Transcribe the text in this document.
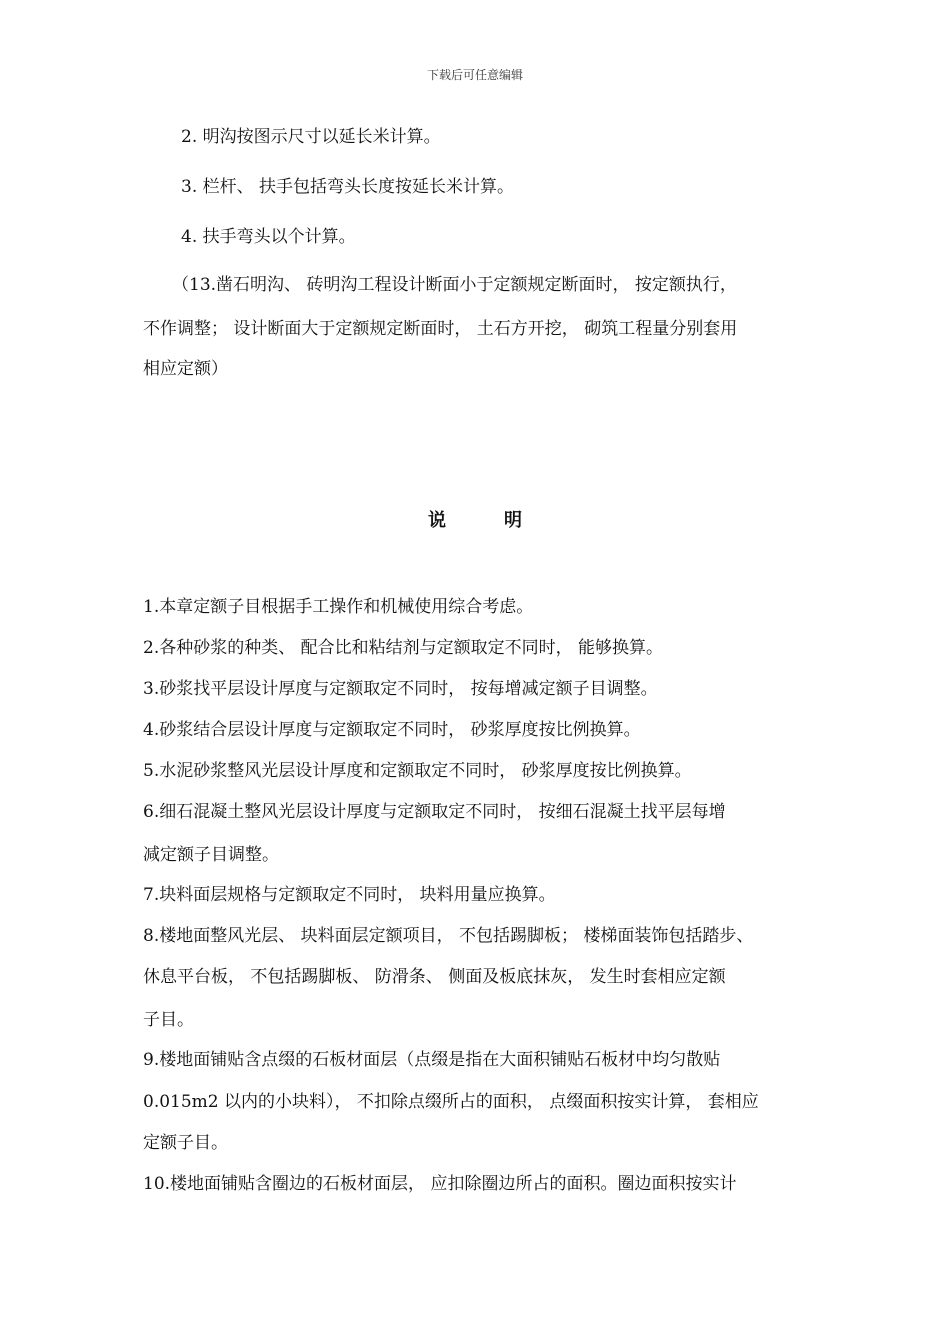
下载后可任意编辑
2. 明沟按图示尺寸以延长米计算。
3. 栏杆、 扶手包括弯头长度按延长米计算。
4. 扶手弯头以个计算。
（13.凿石明沟、 砖明沟工程设计断面小于定额规定断面时， 按定额执行，
不作调整； 设计断面大于定额规定断面时， 土石方开挖， 砌筑工程量分别套用
相应定额）
说	明
1.本章定额子目根据手工操作和机械使用综合考虑。
2.各种砂浆的种类、 配合比和粘结剂与定额取定不同时， 能够换算。
3.砂浆找平层设计厚度与定额取定不同时， 按每增减定额子目调整。
4.砂浆结合层设计厚度与定额取定不同时， 砂浆厚度按比例换算。
5.水泥砂浆整风光层设计厚度和定额取定不同时， 砂浆厚度按比例换算。
6.细石混凝土整风光层设计厚度与定额取定不同时， 按细石混凝土找平层每增
减定额子目调整。
7.块料面层规格与定额取定不同时， 块料用量应换算。
8.楼地面整风光层、 块料面层定额项目， 不包括踢脚板； 楼梯面装饰包括踏步、
休息平台板， 不包括踢脚板、 防滑条、 侧面及板底抹灰， 发生时套相应定额
子目。
9.楼地面铺贴含点缀的石板材面层（点缀是指在大面积铺贴石板材中均匀散贴
0.015m2 以内的小块料）， 不扣除点缀所占的面积， 点缀面积按实计算， 套相应
定额子目。
10.楼地面铺贴含圈边的石板材面层， 应扣除圈边所占的面积。圈边面积按实计
